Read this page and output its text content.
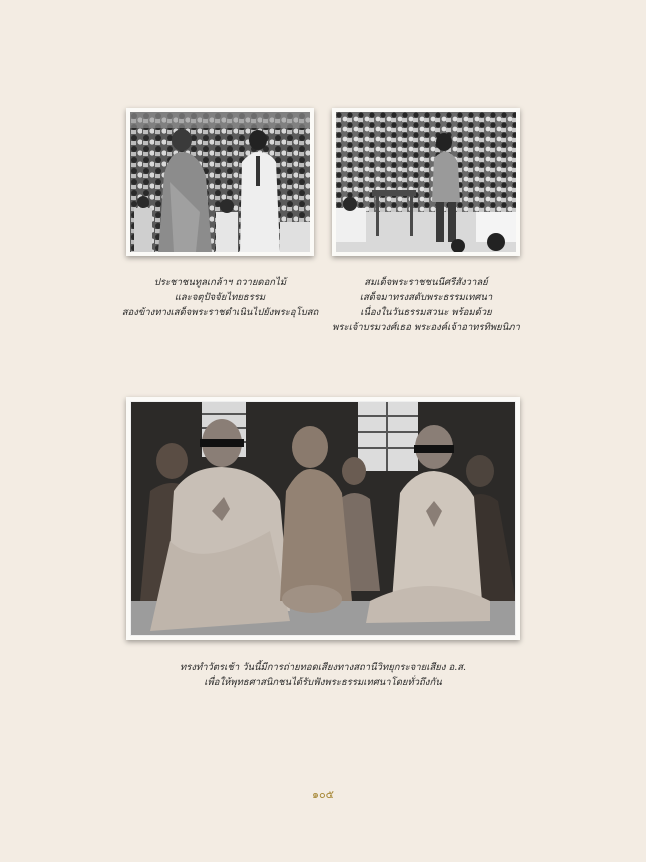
ประชาชนทูลเกล้าฯ ถวายดอกไม้
และจตุปัจจัยไทยธรรม
สองข้างทางเสด็จพระราชดำเนินไปยังพระอุโบสถ
สมเด็จพระราชชนนีศรีสังวาลย์
เสด็จมาทรงสดับพระธรรมเทศนา
เนื่องในวันธรรมสวนะ พร้อมด้วย
พระเจ้าบรมวงศ์เธอ พระองค์เจ้าอาทรทิพยนิภา
ทรงทำวัตรเช้า วันนี้มีการถ่ายทอดเสียงทางสถานีวิทยุกระจายเสียง อ.ส.
เพื่อให้พุทธศาสนิกชนได้รับฟังพระธรรมเทศนาโดยทั่วถึงกัน
๑๐๕
